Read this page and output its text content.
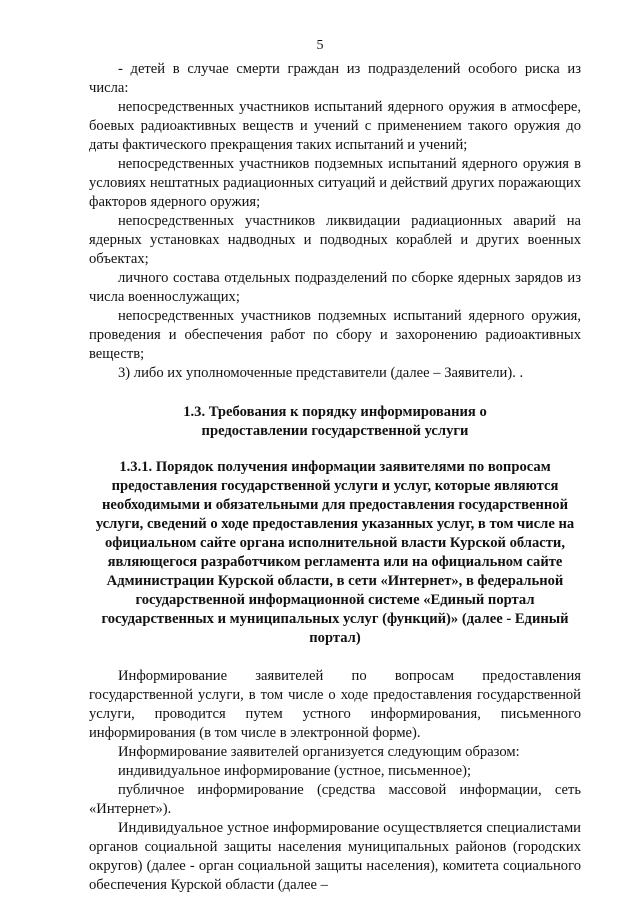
5

- детей в случае смерти граждан из подразделений особого риска из числа:

непосредственных участников испытаний ядерного оружия в атмосфере, боевых радиоактивных веществ и учений с применением такого оружия до даты фактического прекращения таких испытаний и учений;

непосредственных участников подземных испытаний ядерного оружия в условиях нештатных радиационных ситуаций и действий других поражающих факторов ядерного оружия;

непосредственных участников ликвидации радиационных аварий на ядерных установках надводных и подводных кораблей и других военных объектах;

личного состава отдельных подразделений по сборке ядерных зарядов из числа военнослужащих;

непосредственных участников подземных испытаний ядерного оружия, проведения и обеспечения работ по сбору и захоронению радиоактивных веществ;

3) либо их уполномоченные представители (далее – Заявители). .

1.3. Требования к порядку информирования о предоставлении государственной услуги

1.3.1. Порядок получения информации заявителями по вопросам предоставления государственной услуги и услуг, которые являются необходимыми и обязательными для предоставления государственной услуги, сведений о ходе предоставления указанных услуг, в том числе на официальном сайте органа исполнительной власти Курской области, являющегося разработчиком регламента или на официальном сайте Администрации Курской области, в сети «Интернет», в федеральной государственной информационной системе «Единый портал государственных и муниципальных услуг (функций)» (далее - Единый портал)

Информирование заявителей по вопросам предоставления государственной услуги, в том числе о ходе предоставления государственной услуги, проводится путем устного информирования, письменного информирования (в том числе в электронной форме).

Информирование заявителей организуется следующим образом:

индивидуальное информирование (устное, письменное);

публичное информирование (средства массовой информации, сеть «Интернет»).

Индивидуальное устное информирование осуществляется специалистами органов социальной защиты населения муниципальных районов (городских округов) (далее - орган социальной защиты населения), комитета социального обеспечения Курской области (далее –
